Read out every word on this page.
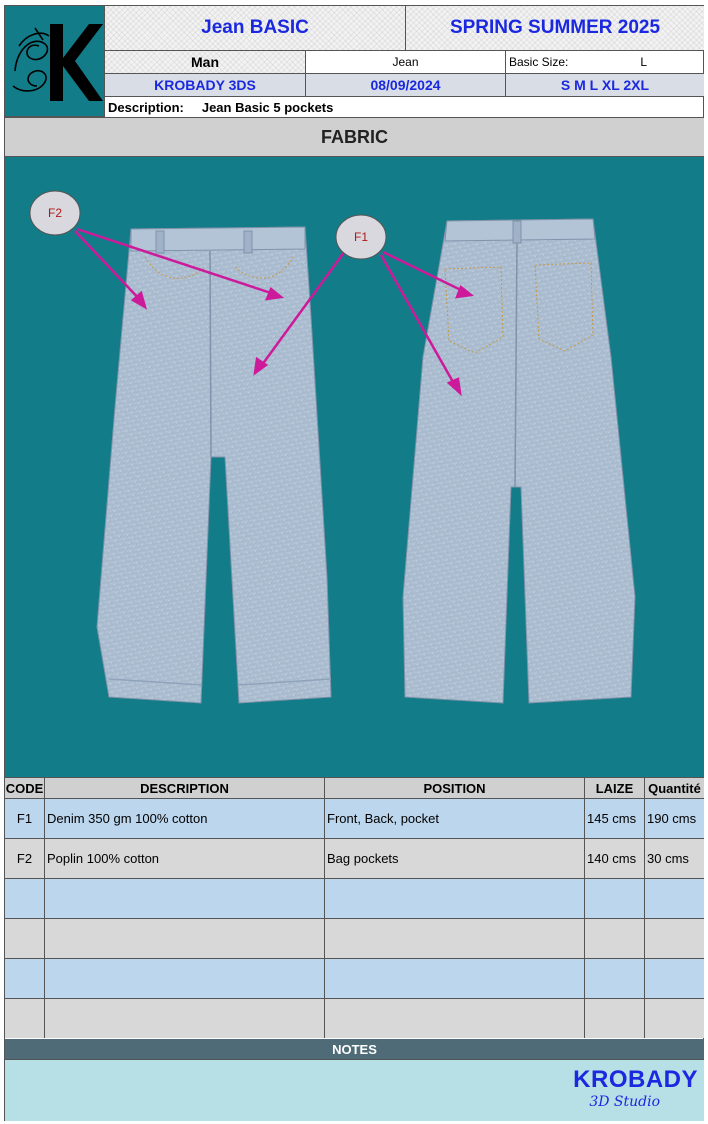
Jean BASIC	SPRING SUMMER 2025
Man	Jean	Basic Size:	L
KROBADY 3DS	08/09/2024	S M L XL 2XL
Description: Jean Basic 5 pockets
FABRIC
F2
F1
CODE	DESCRIPTION	POSITION	LAIZE	Quantité
F1	Denim 350 gm 100% cotton	Front, Back, pocket	145 cms 190 cms
F2	Poplin 100% cotton	Bag pockets	140 cms 30 cms
NOTES
KROBADY
3D Studio
